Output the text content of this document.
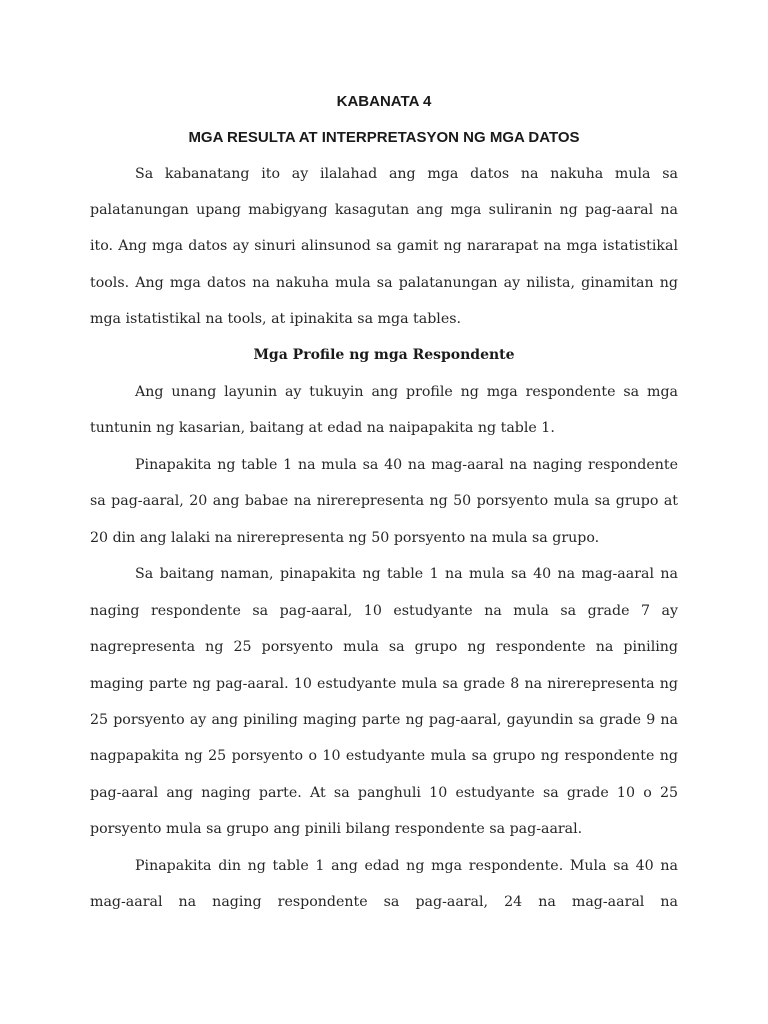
KABANATA 4
MGA RESULTA AT INTERPRETASYON NG MGA DATOS
Sa kabanatang ito ay ilalahad ang mga datos na nakuha mula sa
palatanungan upang mabigyang kasagutan ang mga suliranin ng pag-aaral na
ito. Ang mga datos ay sinuri alinsunod sa gamit ng nararapat na mga istatistikal
tools. Ang mga datos na nakuha mula sa palatanungan ay nilista, ginamitan ng
mga istatistikal na tools, at ipinakita sa mga tables.
Mga Profile ng mga Respondente
Ang unang layunin ay tukuyin ang profile ng mga respondente sa mga
tuntunin ng kasarian, baitang at edad na naipapakita ng table 1.
Pinapakita ng table 1 na mula sa 40 na mag-aaral na naging respondente
sa pag-aaral, 20 ang babae na nirerepresenta ng 50 porsyento mula sa grupo at
20 din ang lalaki na nirerepresenta ng 50 porsyento na mula sa grupo.
Sa baitang naman, pinapakita ng table 1 na mula sa 40 na mag-aaral na
naging respondente sa pag-aaral, 10 estudyante na mula sa grade 7 ay
nagrepresenta ng 25 porsyento mula sa grupo ng respondente na piniling
maging parte ng pag-aaral. 10 estudyante mula sa grade 8 na nirerepresenta ng
25 porsyento ay ang piniling maging parte ng pag-aaral, gayundin sa grade 9 na
nagpapakita ng 25 porsyento o 10 estudyante mula sa grupo ng respondente ng
pag-aaral ang naging parte. At sa panghuli 10 estudyante sa grade 10 o 25
porsyento mula sa grupo ang pinili bilang respondente sa pag-aaral.
Pinapakita din ng table 1 ang edad ng mga respondente. Mula sa 40 na
mag-aaral na naging respondente sa pag-aaral, 24 na mag-aaral na
